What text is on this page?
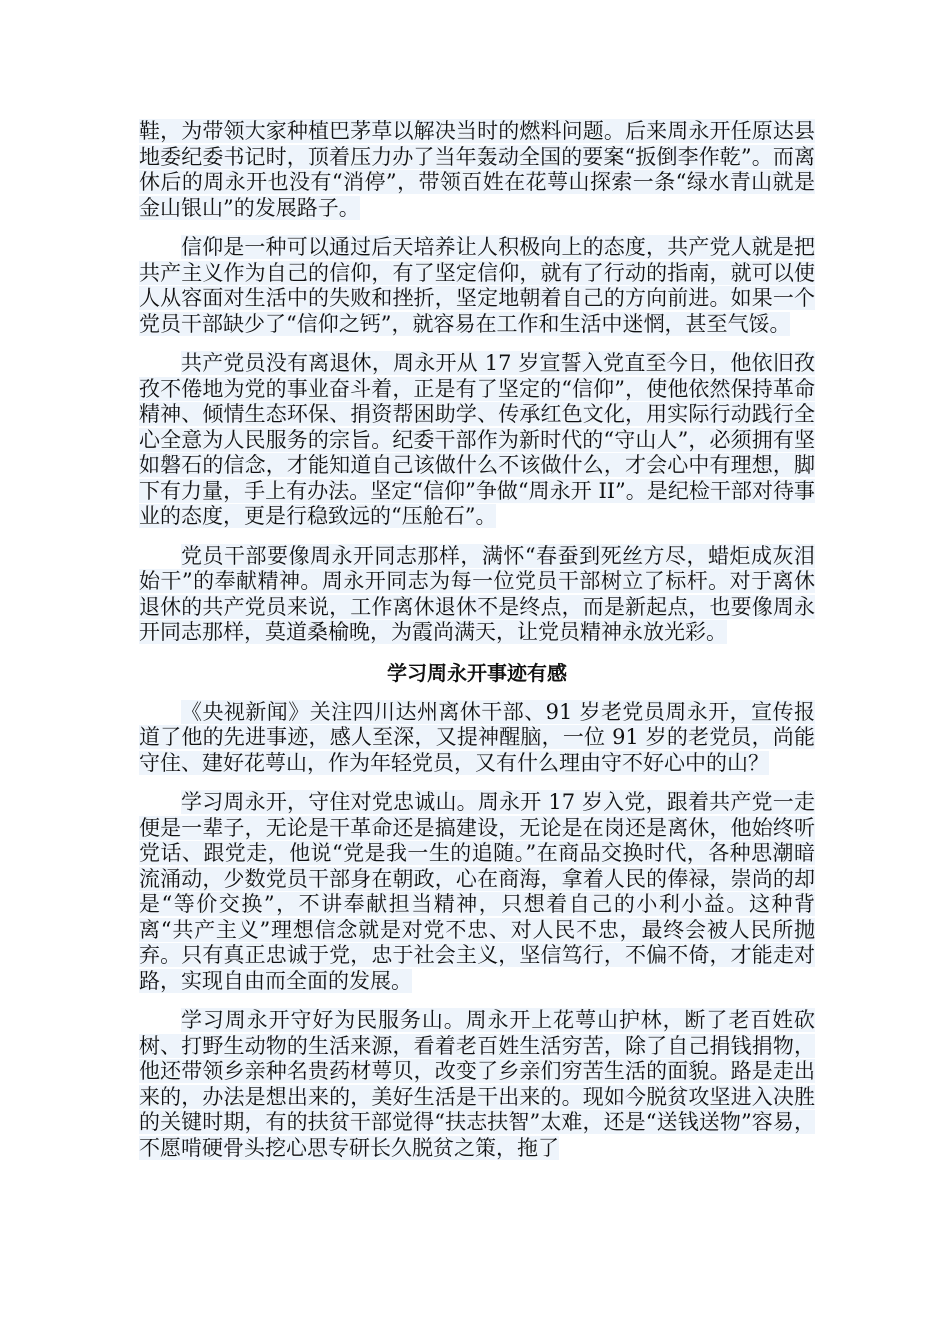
鞋，为带领大家种植巴茅草以解决当时的燃料问题。后来周永开任原达县地委纪委书记时，顶着压力办了当年轰动全国的要案“扳倒李作乾”。而离休后的周永开也没有“消停”，带领百姓在花萼山探索一条“绿水青山就是金山银山”的发展路子。

信仰是一种可以通过后天培养让人积极向上的态度，共产党人就是把共产主义作为自己的信仰，有了坚定信仰，就有了行动的指南，就可以使人从容面对生活中的失败和挫折，坚定地朝着自己的方向前进。如果一个党员干部缺少了“信仰之钙”，就容易在工作和生活中迷惘，甚至气馁。

共产党员没有离退休，周永开从 17 岁宣誓入党直至今日，他依旧孜孜不倦地为党的事业奋斗着，正是有了坚定的“信仰”，使他依然保持革命精神、倾情生态环保、捐资帮困助学、传承红色文化，用实际行动践行全心全意为人民服务的宗旨。纪委干部作为新时代的“守山人”，必须拥有坚如磐石的信念，才能知道自己该做什么不该做什么，才会心中有理想，脚下有力量，手上有办法。坚定“信仰”争做“周永开 II”。是纪检干部对待事业的态度，更是行稳致远的“压舱石”。

党员干部要像周永开同志那样，满怀“春蚕到死丝方尽，蜡炬成灰泪始干”的奉献精神。周永开同志为每一位党员干部树立了标杆。对于离休退休的共产党员来说，工作离休退休不是终点，而是新起点，也要像周永开同志那样，莫道桑榆晚，为霞尚满天，让党员精神永放光彩。

学习周永开事迹有感

《央视新闻》关注四川达州离休干部、91 岁老党员周永开，宣传报道了他的先进事迹，感人至深，又提神醒脑，一位 91 岁的老党员，尚能守住、建好花萼山，作为年轻党员，又有什么理由守不好心中的山？

学习周永开，守住对党忠诚山。周永开 17 岁入党，跟着共产党一走便是一辈子，无论是干革命还是搞建设，无论是在岗还是离休，他始终听党话、跟党走，他说“党是我一生的追随。”在商品交换时代，各种思潮暗流涌动，少数党员干部身在朝政，心在商海，拿着人民的俸禄，崇尚的却是“等价交换”，不讲奉献担当精神，只想着自己的小利小益。这种背离“共产主义”理想信念就是对党不忠、对人民不忠，最终会被人民所抛弃。只有真正忠诚于党，忠于社会主义，坚信笃行，不偏不倚，才能走对路，实现自由而全面的发展。

学习周永开守好为民服务山。周永开上花萼山护林，断了老百姓砍树、打野生动物的生活来源，看着老百姓生活穷苦，除了自己捐钱捐物，他还带领乡亲种名贵药材萼贝，改变了乡亲们穷苦生活的面貌。路是走出来的，办法是想出来的，美好生活是干出来的。现如今脱贫攻坚进入决胜的关键时期，有的扶贫干部觉得“扶志扶智”太难，还是“送钱送物”容易，不愿啃硬骨头挖心思专研长久脱贫之策，拖了
